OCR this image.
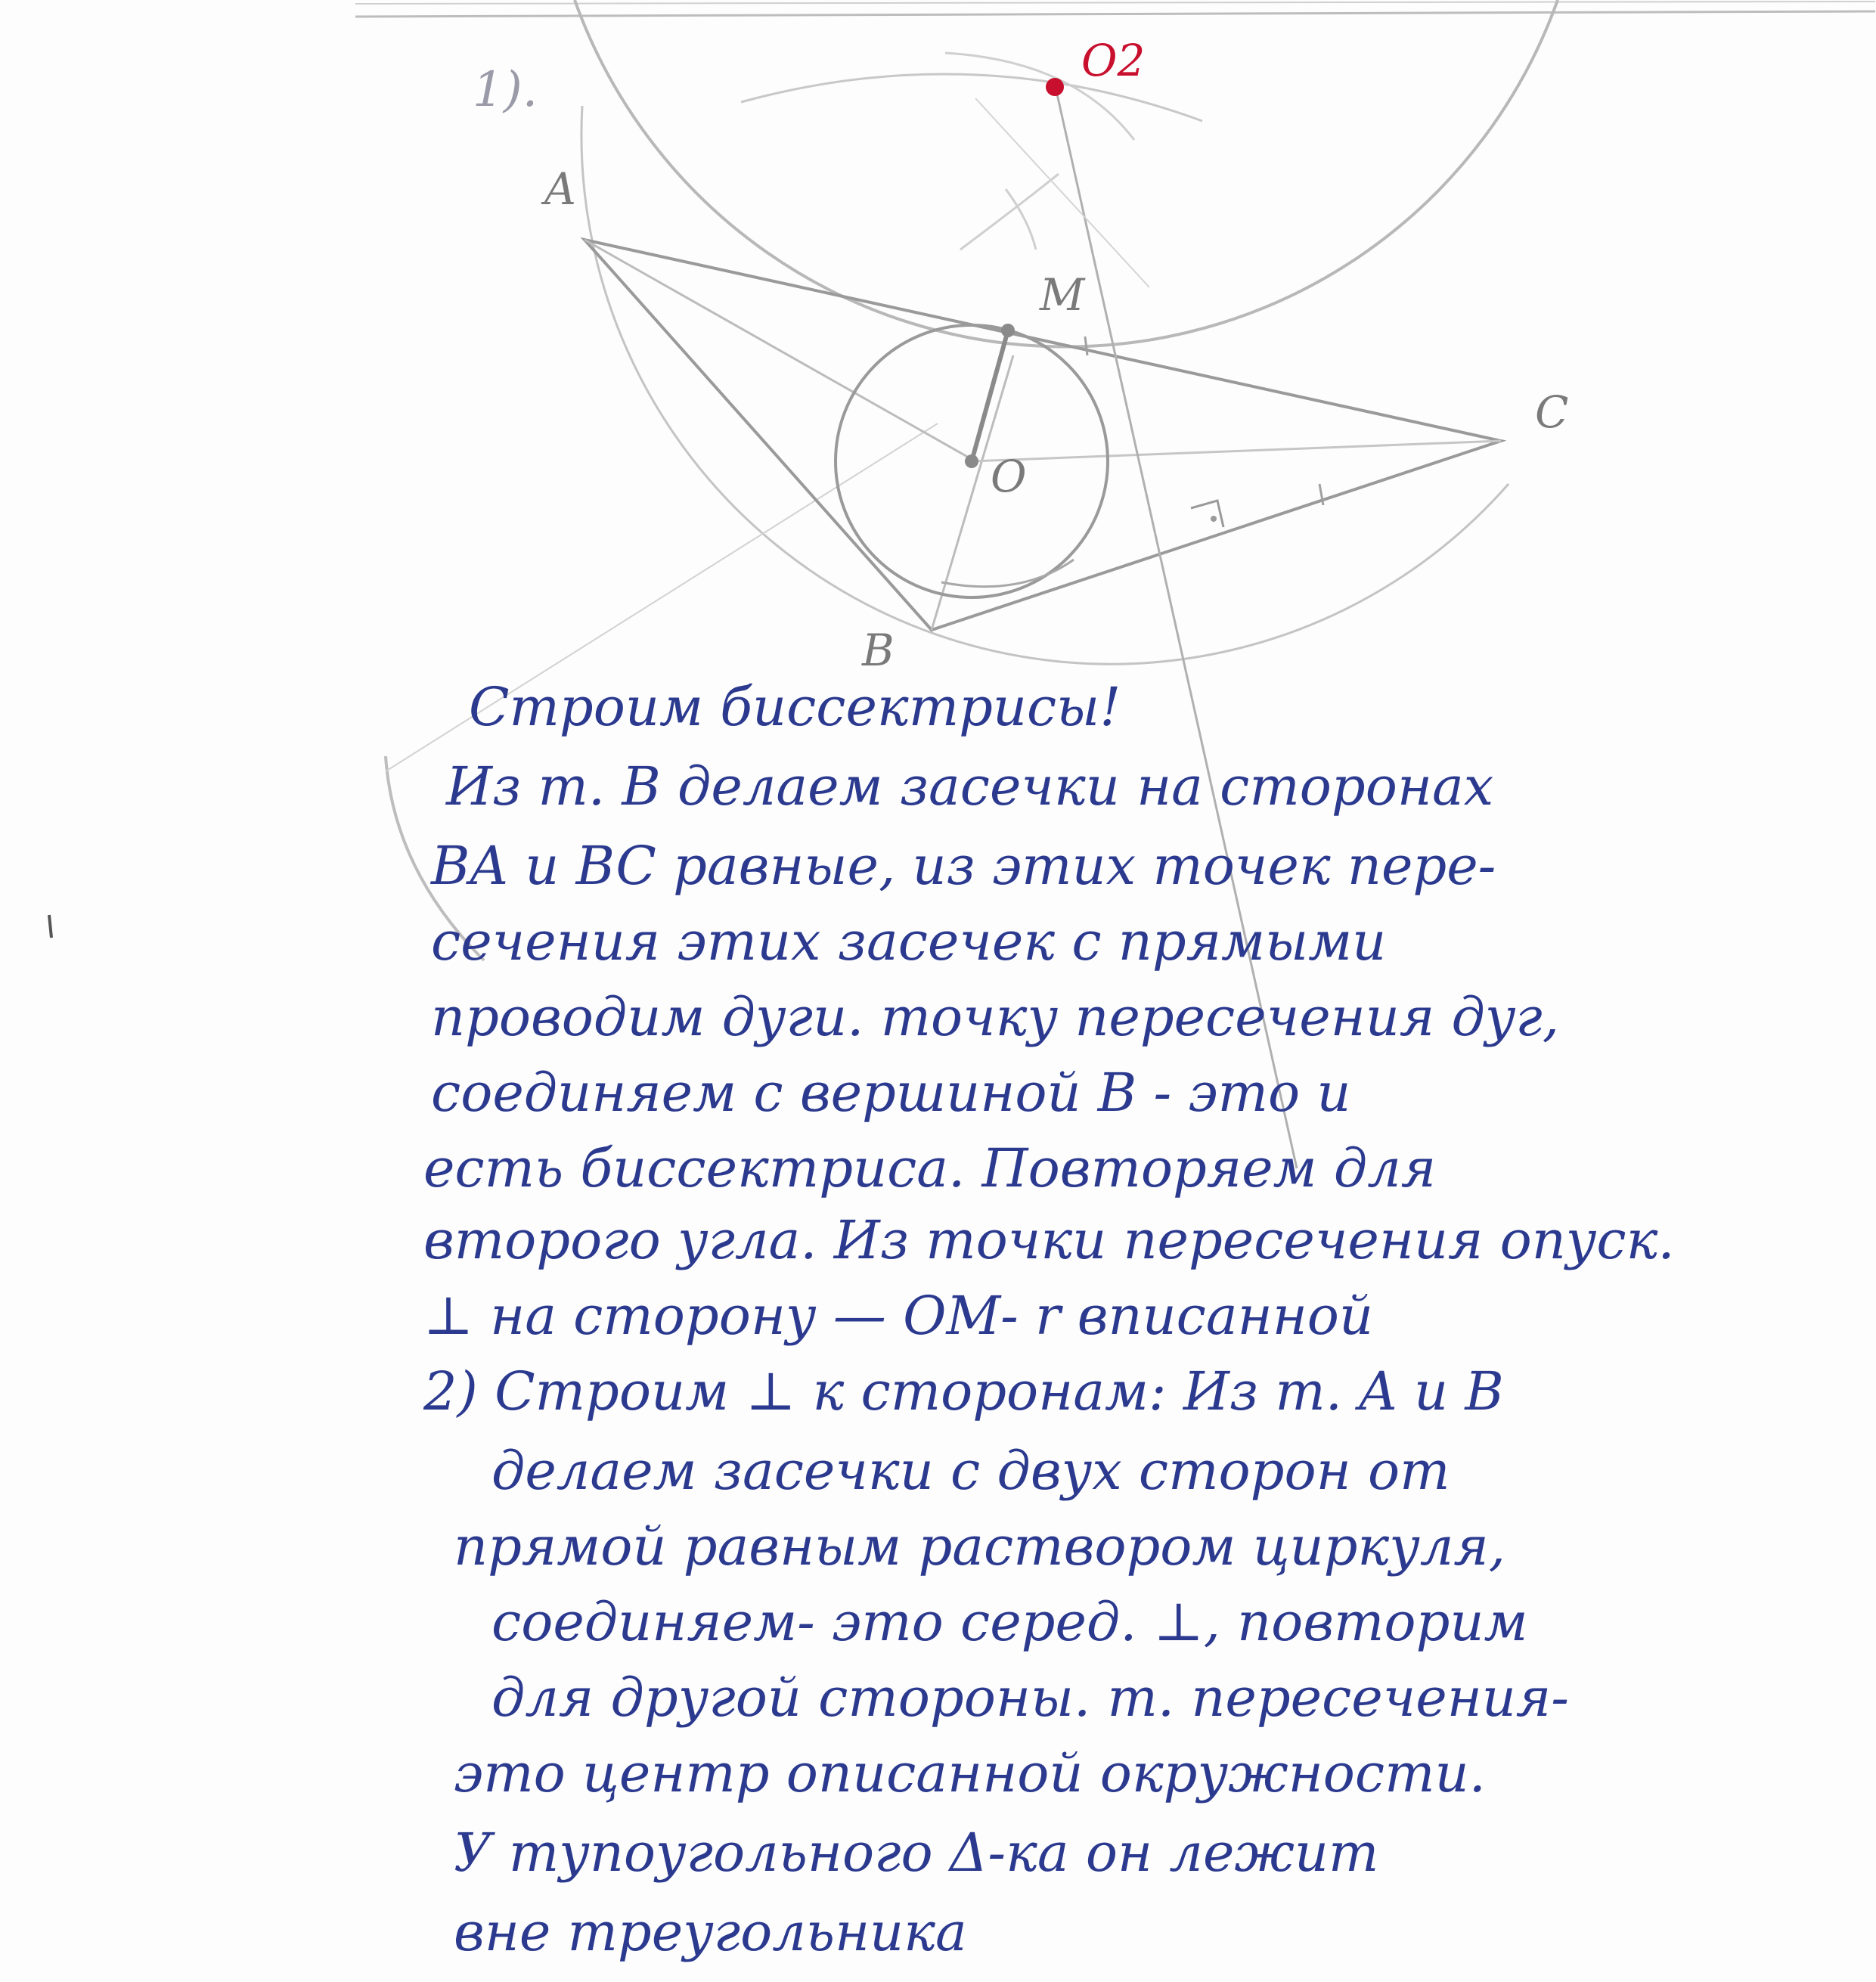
1).
A
B
C
M
O
O2
Строим биссектрисы!
Из т. B делаем засечки на сторонах
BA и BC равные, из этих точек пере-
сечения этих засечек с прямыми
проводим дуги. точку пересечения дуг,
соединяем с вершиной B - это и
есть биссектриса. Повторяем для
второго угла. Из точки пересечения опуск.
⊥ на сторону — OM- r вписанной
2) Строим ⊥ к сторонам: Из т. A и B
делаем засечки с двух сторон от
прямой равным раствором циркуля,
соединяем- это серед. ⊥, повторим
для другой стороны. т. пересечения-
это центр описанной окружности.
У тупоугольного Δ-ка он лежит
вне треугольника
